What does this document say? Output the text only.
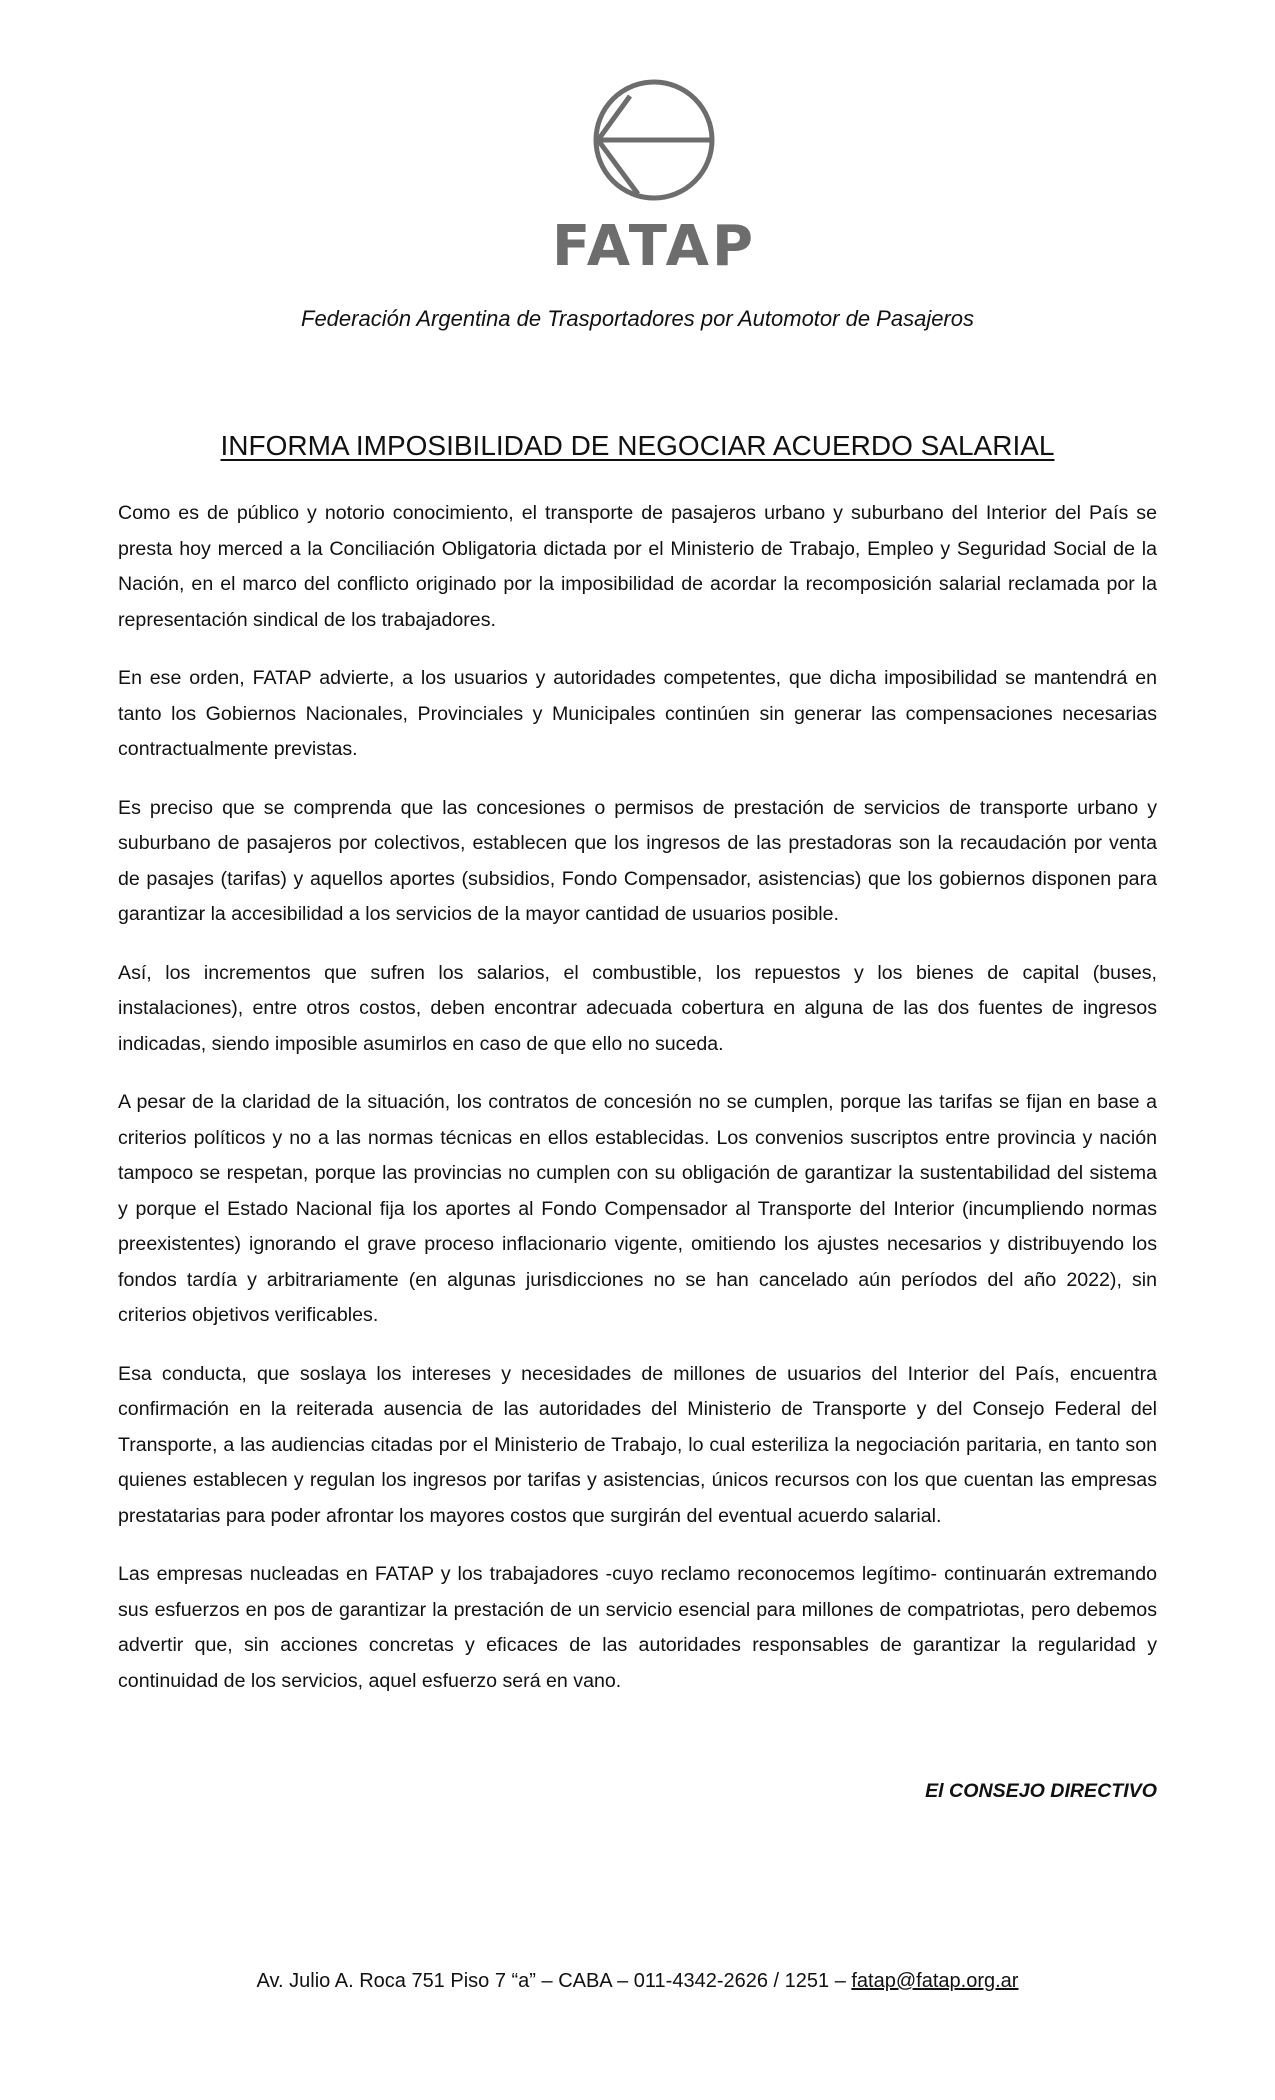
FATAP
Federación Argentina de Trasportadores por Automotor de Pasajeros
INFORMA IMPOSIBILIDAD DE NEGOCIAR ACUERDO SALARIAL

Como es de público y notorio conocimiento, el transporte de pasajeros urbano y suburbano del Interior del País se presta hoy merced a la Conciliación Obligatoria dictada por el Ministerio de Trabajo, Empleo y Seguridad Social de la Nación, en el marco del conflicto originado por la imposibilidad de acordar la recomposición salarial reclamada por la representación sindical de los trabajadores.

En ese orden, FATAP advierte, a los usuarios y autoridades competentes, que dicha imposibilidad se mantendrá en tanto los Gobiernos Nacionales, Provinciales y Municipales continúen sin generar las compensaciones necesarias contractualmente previstas.

Es preciso que se comprenda que las concesiones o permisos de prestación de servicios de transporte urbano y suburbano de pasajeros por colectivos, establecen que los ingresos de las prestadoras son la recaudación por venta de pasajes (tarifas) y aquellos aportes (subsidios, Fondo Compensador, asistencias) que los gobiernos disponen para garantizar la accesibilidad a los servicios de la mayor cantidad de usuarios posible.

Así, los incrementos que sufren los salarios, el combustible, los repuestos y los bienes de capital (buses, instalaciones), entre otros costos, deben encontrar adecuada cobertura en alguna de las dos fuentes de ingresos indicadas, siendo imposible asumirlos en caso de que ello no suceda.

A pesar de la claridad de la situación, los contratos de concesión no se cumplen, porque las tarifas se fijan en base a criterios políticos y no a las normas técnicas en ellos establecidas. Los convenios suscriptos entre provincia y nación tampoco se respetan, porque las provincias no cumplen con su obligación de garantizar la sustentabilidad del sistema y porque el Estado Nacional fija los aportes al Fondo Compensador al Transporte del Interior (incumpliendo normas preexistentes) ignorando el grave proceso inflacionario vigente, omitiendo los ajustes necesarios y distribuyendo los fondos tardía y arbitrariamente (en algunas jurisdicciones no se han cancelado aún períodos del año 2022), sin criterios objetivos verificables.

Esa conducta, que soslaya los intereses y necesidades de millones de usuarios del Interior del País, encuentra confirmación en la reiterada ausencia de las autoridades del Ministerio de Transporte y del Consejo Federal del Transporte, a las audiencias citadas por el Ministerio de Trabajo, lo cual esteriliza la negociación paritaria, en tanto son quienes establecen y regulan los ingresos por tarifas y asistencias, únicos recursos con los que cuentan las empresas prestatarias para poder afrontar los mayores costos que surgirán del eventual acuerdo salarial.

Las empresas nucleadas en FATAP y los trabajadores -cuyo reclamo reconocemos legítimo- continuarán extremando sus esfuerzos en pos de garantizar la prestación de un servicio esencial para millones de compatriotas, pero debemos advertir que, sin acciones concretas y eficaces de las autoridades responsables de garantizar la regularidad y continuidad de los servicios, aquel esfuerzo será en vano.

El CONSEJO DIRECTIVO
Av. Julio A. Roca 751 Piso 7 “a” – CABA – 011-4342-2626 / 1251 – fatap@fatap.org.ar
